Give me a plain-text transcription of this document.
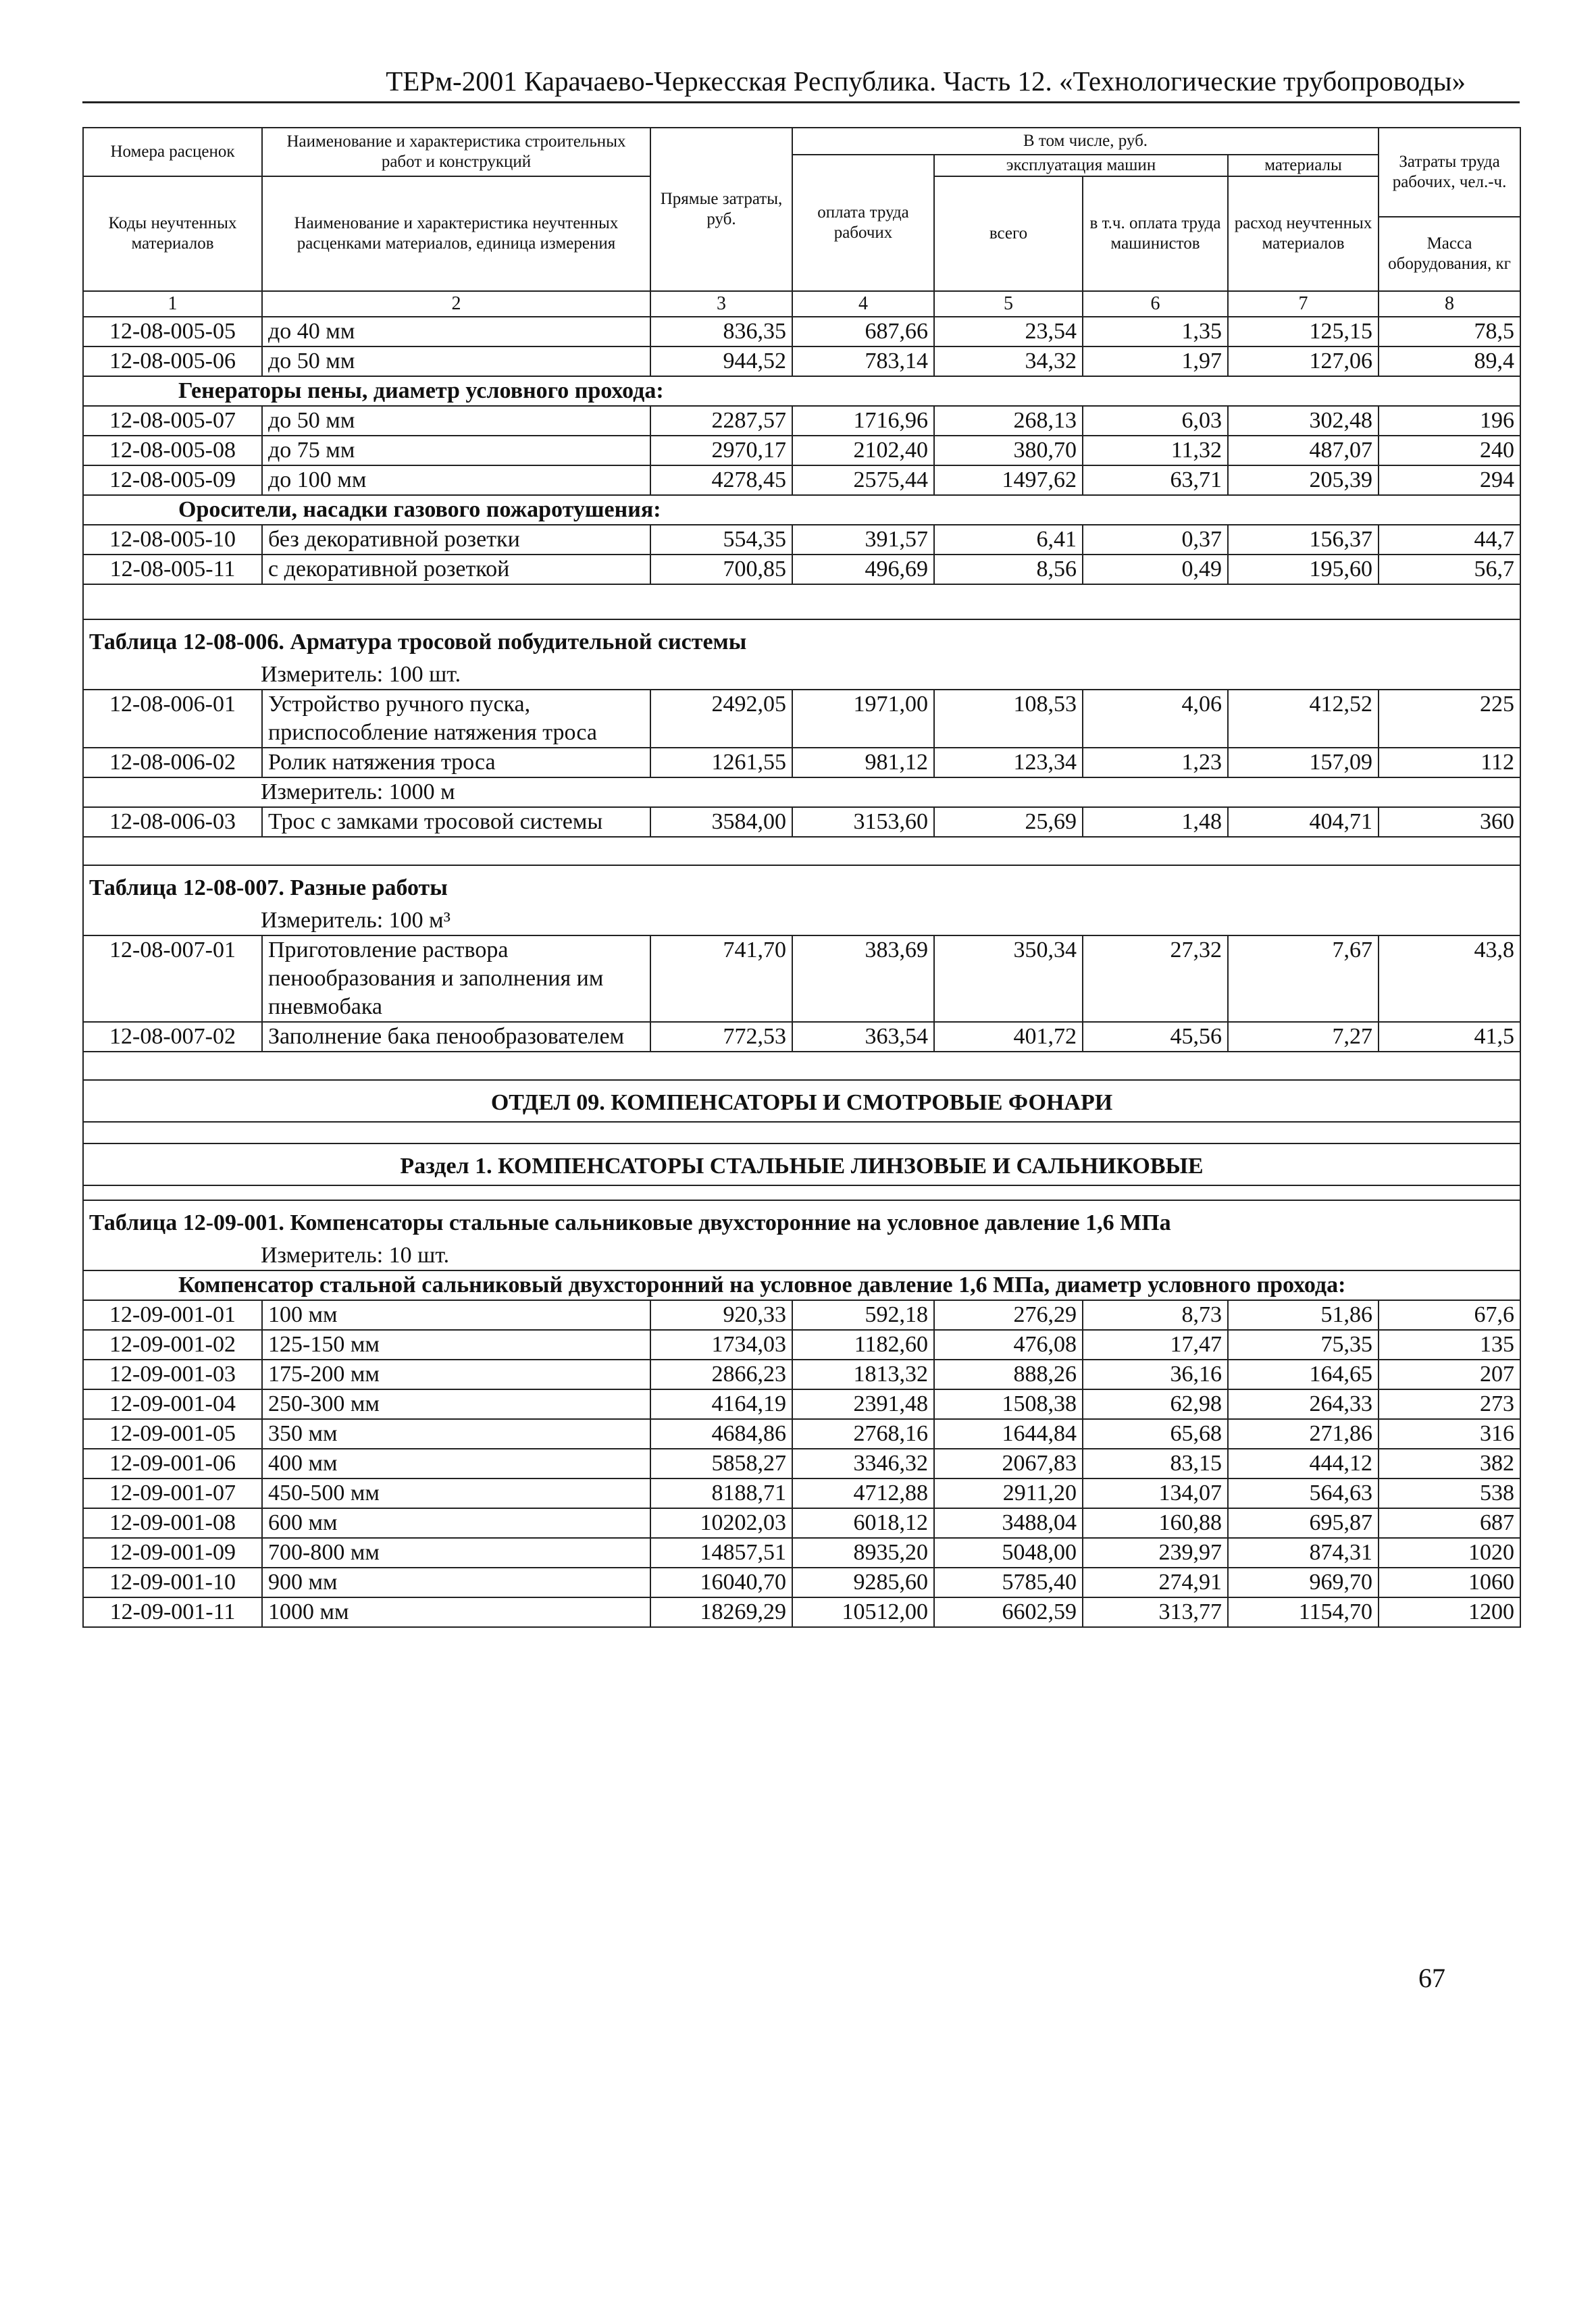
ТЕРм-2001 Карачаево-Черкесская Республика. Часть 12. «Технологические трубопроводы»
Номера расценок	Наименование и характеристика строительных работ и конструкций	Прямые затраты, руб.	В том числе, руб.				Затраты труда рабочих, чел.-ч.
			оплата труда рабочих	эксплуатация машин		материалы	
Коды неучтенных материалов	Наименование и характеристика неучтенных расценками материалов, единица измерения			всего	в т.ч. оплата труда машинистов	расход неучтенных материалов	
							Масса оборудования, кг
1	2	3	4	5	6	7	8
12-08-005-05	до 40 мм	836,35	687,66	23,54	1,35	125,15	78,5
12-08-005-06	до 50 мм	944,52	783,14	34,32	1,97	127,06	89,4
Генераторы пены, диаметр условного прохода:							
12-08-005-07	до 50 мм	2287,57	1716,96	268,13	6,03	302,48	196
12-08-005-08	до 75 мм	2970,17	2102,40	380,70	11,32	487,07	240
12-08-005-09	до 100 мм	4278,45	2575,44	1497,62	63,71	205,39	294
Оросители, насадки газового пожаротушения:							
12-08-005-10	без декоративной розетки	554,35	391,57	6,41	0,37	156,37	44,7
12-08-005-11	с декоративной розеткой	700,85	496,69	8,56	0,49	195,60	56,7

Таблица 12-08-006. Арматура тросовой побудительной системы							
Измеритель: 100 шт.							
12-08-006-01	Устройство ручного пуска, приспособление натяжения троса	2492,05	1971,00	108,53	4,06	412,52	225
12-08-006-02	Ролик натяжения троса	1261,55	981,12	123,34	1,23	157,09	112
Измеритель: 1000 м							
12-08-006-03	Трос с замками тросовой системы	3584,00	3153,60	25,69	1,48	404,71	360

Таблица 12-08-007. Разные работы							
Измеритель: 100 м³							
12-08-007-01	Приготовление раствора пенообразования и заполнения им пневмобака	741,70	383,69	350,34	27,32	7,67	43,8
12-08-007-02	Заполнение бака пенообразователем	772,53	363,54	401,72	45,56	7,27	41,5

ОТДЕЛ 09. КОМПЕНСАТОРЫ И СМОТРОВЫЕ ФОНАРИ							

Раздел 1. КОМПЕНСАТОРЫ СТАЛЬНЫЕ ЛИНЗОВЫЕ И САЛЬНИКОВЫЕ							

Таблица 12-09-001. Компенсаторы стальные сальниковые двухсторонние на условное давление 1,6 МПа							
Измеритель: 10 шт.							
Компенсатор стальной сальниковый двухсторонний на условное давление 1,6 МПа, диаметр условного прохода:							
12-09-001-01	100 мм	920,33	592,18	276,29	8,73	51,86	67,6
12-09-001-02	125-150 мм	1734,03	1182,60	476,08	17,47	75,35	135
12-09-001-03	175-200 мм	2866,23	1813,32	888,26	36,16	164,65	207
12-09-001-04	250-300 мм	4164,19	2391,48	1508,38	62,98	264,33	273
12-09-001-05	350 мм	4684,86	2768,16	1644,84	65,68	271,86	316
12-09-001-06	400 мм	5858,27	3346,32	2067,83	83,15	444,12	382
12-09-001-07	450-500 мм	8188,71	4712,88	2911,20	134,07	564,63	538
12-09-001-08	600 мм	10202,03	6018,12	3488,04	160,88	695,87	687
12-09-001-09	700-800 мм	14857,51	8935,20	5048,00	239,97	874,31	1020
12-09-001-10	900 мм	16040,70	9285,60	5785,40	274,91	969,70	1060
12-09-001-11	1000 мм	18269,29	10512,00	6602,59	313,77	1154,70	1200
67
